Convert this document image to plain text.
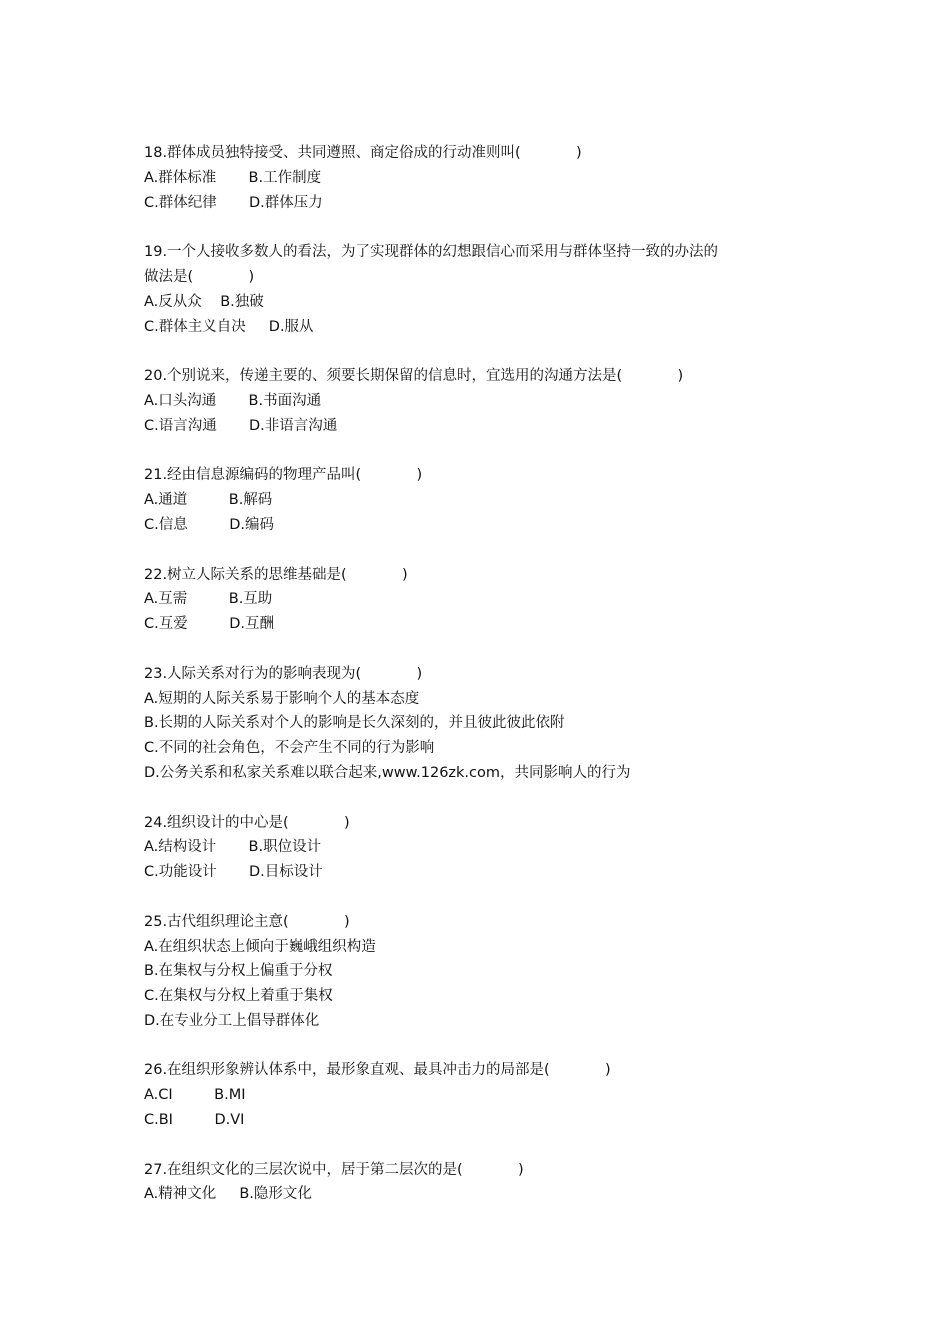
18.群体成员独特接受、共同遵照、商定俗成的行动准则叫(            )
A.群体标准       B.工作制度
C.群体纪律       D.群体压力
19.一个人接收多数人的看法，为了实现群体的幻想跟信心而采用与群体坚持一致的办法的
做法是(            )
A.反从众    B.独破
C.群体主义自决     D.服从
20.个别说来，传递主要的、须要长期保留的信息时，宜选用的沟通方法是(            )
A.口头沟通       B.书面沟通
C.语言沟通       D.非语言沟通
21.经由信息源编码的物理产品叫(            )
A.通道         B.解码
C.信息         D.编码
22.树立人际关系的思维基础是(            )
A.互需         B.互助
C.互爱         D.互酬
23.人际关系对行为的影响表现为(            )
A.短期的人际关系易于影响个人的基本态度
B.长期的人际关系对个人的影响是长久深刻的，并且彼此彼此依附
C.不同的社会角色，不会产生不同的行为影响
D.公务关系和私家关系难以联合起来,www.126zk.com，共同影响人的行为
24.组织设计的中心是(            )
A.结构设计       B.职位设计
C.功能设计       D.目标设计
25.古代组织理论主意(            )
A.在组织状态上倾向于巍峨组织构造
B.在集权与分权上偏重于分权
C.在集权与分权上着重于集权
D.在专业分工上倡导群体化
26.在组织形象辨认体系中，最形象直观、最具冲击力的局部是(            )
A.CI         B.MI
C.BI         D.VI
27.在组织文化的三层次说中，居于第二层次的是(            )
A.精神文化     B.隐形文化
